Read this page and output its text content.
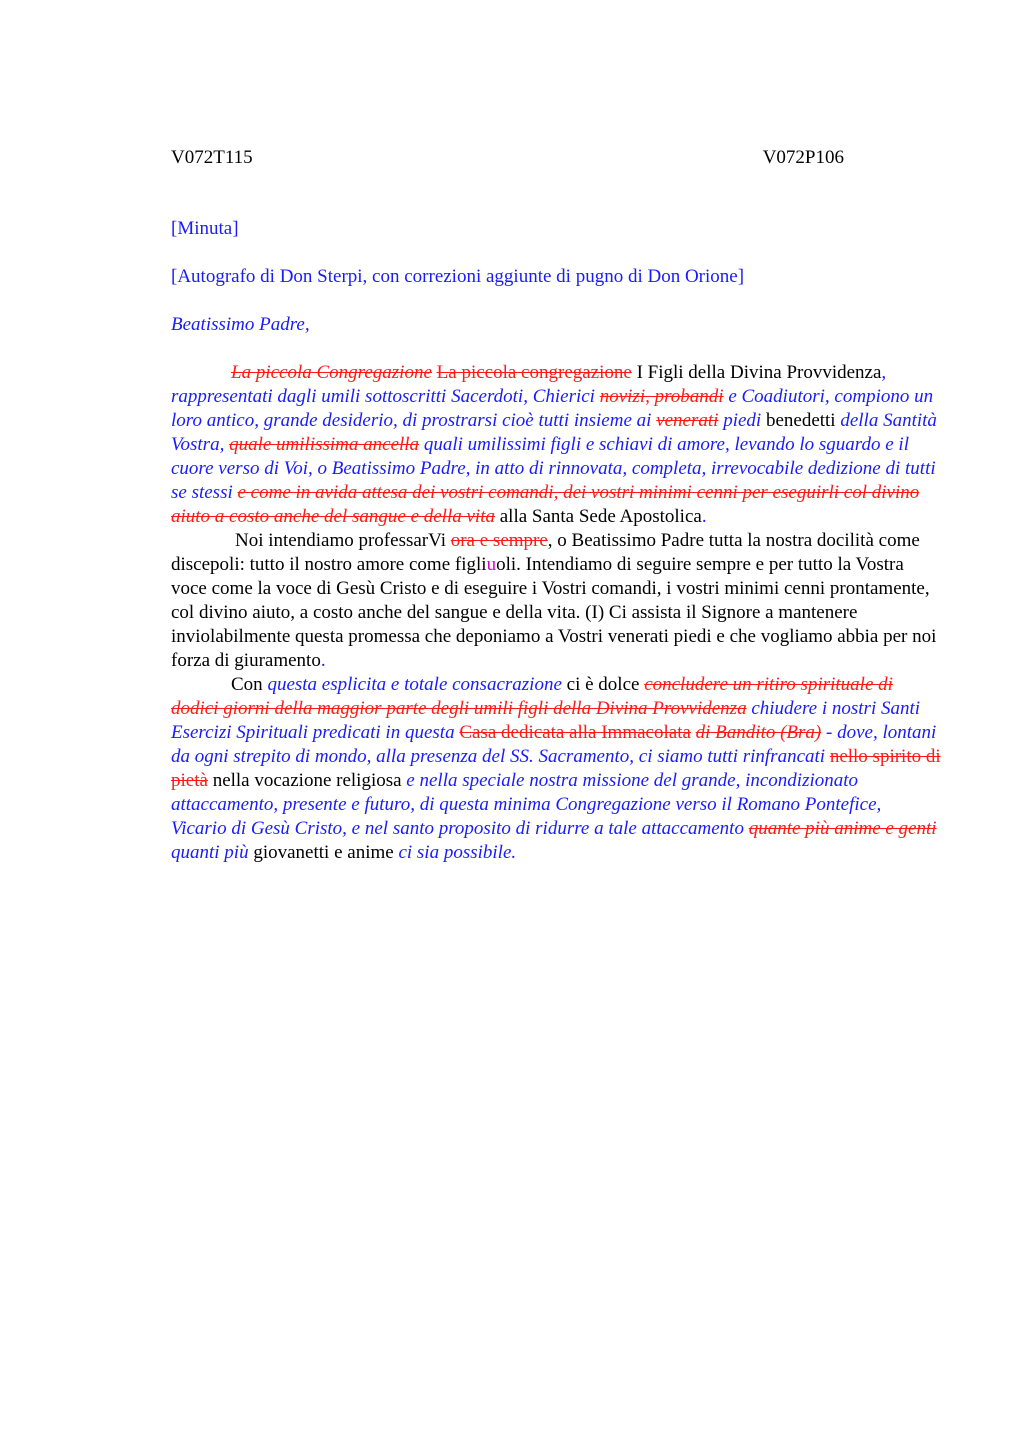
V072T115	V072P106
[Minuta]
[Autografo di Don Sterpi, con correzioni aggiunte di pugno di Don Orione]
Beatissimo Padre,

La piccola Congregazione La piccola congregazione I Figli della Divina Provvidenza, rappresentati dagli umili sottoscritti Sacerdoti, Chierici novizi, probandi e Coadiutori, compiono un loro antico, grande desiderio, di prostrarsi cioè tutti insieme ai venerati piedi benedetti della Santità Vostra, quale umilissima ancella quali umilissimi figli e schiavi di amore, levando lo sguardo e il cuore verso di Voi, o Beatissimo Padre, in atto di rinnovata, completa, irrevocabile dedizione di tutti se stessi e come in avida attesa dei vostri comandi, dei vostri minimi cenni per eseguirli col divino aiuto a costo anche del sangue e della vita alla Santa Sede Apostolica.

Noi intendiamo professarVi ora e sempre, o Beatissimo Padre tutta la nostra docilità come discepoli: tutto il nostro amore come figliuoli. Intendiamo di seguire sempre e per tutto la Vostra voce come la voce di Gesù Cristo e di eseguire i Vostri comandi, i vostri minimi cenni prontamente, col divino aiuto, a costo anche del sangue e della vita. (I) Ci assista il Signore a mantenere inviolabilmente questa promessa che deponiamo a Vostri venerati piedi e che vogliamo abbia per noi forza di giuramento.

Con questa esplicita e totale consacrazione ci è dolce concludere un ritiro spirituale di dodici giorni della maggior parte degli umili figli della Divina Provvidenza chiudere i nostri Santi Esercizi Spirituali predicati in questa Casa dedicata alla Immacolata di Bandito (Bra) - dove, lontani da ogni strepito di mondo, alla presenza del SS. Sacramento, ci siamo tutti rinfrancati nello spirito di pietà nella vocazione religiosa e nella speciale nostra missione del grande, incondizionato attaccamento, presente e futuro, di questa minima Congregazione verso il Romano Pontefice, Vicario di Gesù Cristo, e nel santo proposito di ridurre a tale attaccamento quante più anime e genti quanti più giovanetti e anime ci sia possibile.
